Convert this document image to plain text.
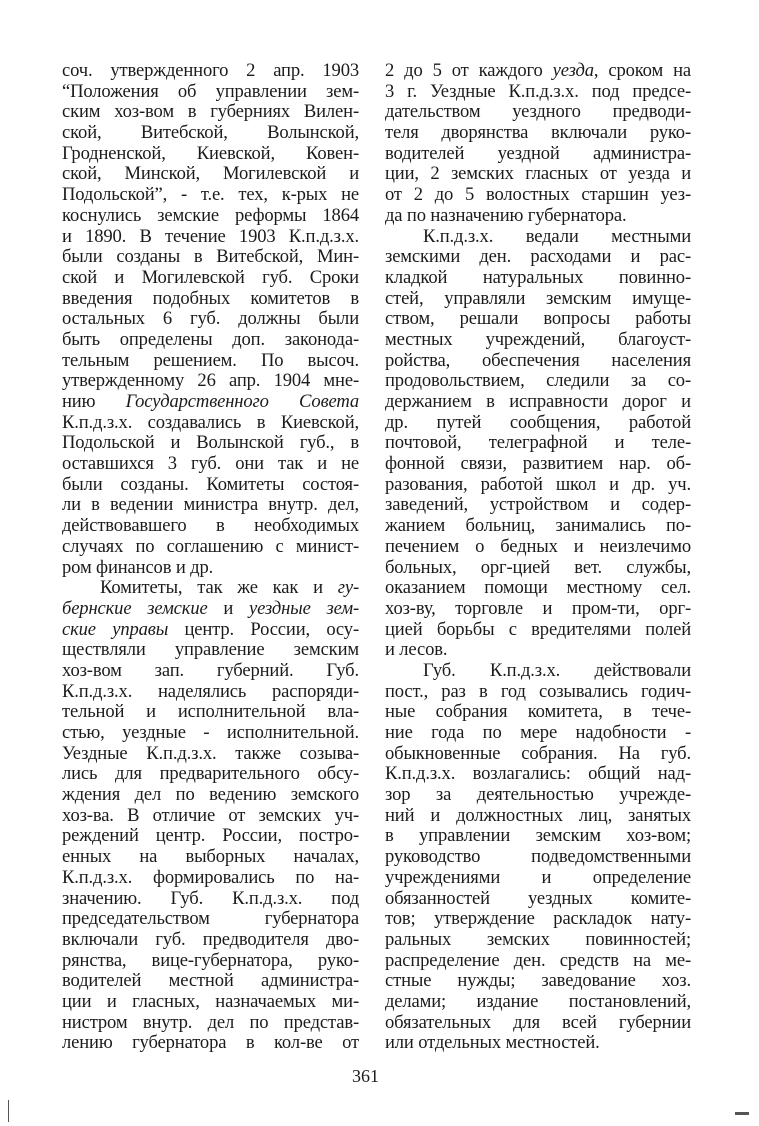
соч. утвержденного 2 апр. 1903
“Положения об управлении зем-
ским хоз-вом в губерниях Вилен-
ской, Витебской, Волынской,
Гродненской, Киевской, Ковен-
ской, Минской, Могилевской и
Подольской”, - т.е. тех, к-рых не
коснулись земские реформы 1864
и 1890. В течение 1903 К.п.д.з.х.
были созданы в Витебской, Мин-
ской и Могилевской губ. Сроки
введения подобных комитетов в
остальных 6 губ. должны были
быть определены доп. законода-
тельным решением. По высоч.
утвержденному 26 апр. 1904 мне-
нию Государственного Совета
К.п.д.з.х. создавались в Киевской,
Подольской и Волынской губ., в
оставшихся 3 губ. они так и не
были созданы. Комитеты состоя-
ли в ведении министра внутр. дел,
действовавшего в необходимых
случаях по соглашению с минист-
ром финансов и др.
Комитеты, так же как и гу-
бернские земские и уездные зем-
ские управы центр. России, осу-
ществляли управление земским
хоз-вом зап. губерний. Губ.
К.п.д.з.х. наделялись распоряди-
тельной и исполнительной вла-
стью, уездные - исполнительной.
Уездные К.п.д.з.х. также созыва-
лись для предварительного обсу-
ждения дел по ведению земского
хоз-ва. В отличие от земских уч-
реждений центр. России, постро-
енных на выборных началах,
К.п.д.з.х. формировались по на-
значению. Губ. К.п.д.з.х. под
председательством губернатора
включали губ. предводителя дво-
рянства, вице-губернатора, руко-
водителей местной администра-
ции и гласных, назначаемых ми-
нистром внутр. дел по представ-
лению губернатора в кол-ве от
2 до 5 от каждого уезда, сроком на
3 г. Уездные К.п.д.з.х. под предсе-
дательством уездного предводи-
теля дворянства включали руко-
водителей уездной администра-
ции, 2 земских гласных от уезда и
от 2 до 5 волостных старшин уез-
да по назначению губернатора.
К.п.д.з.х. ведали местными
земскими ден. расходами и рас-
кладкой натуральных повинно-
стей, управляли земским имуще-
ством, решали вопросы работы
местных учреждений, благоуст-
ройства, обеспечения населения
продовольствием, следили за со-
держанием в исправности дорог и
др. путей сообщения, работой
почтовой, телеграфной и теле-
фонной связи, развитием нар. об-
разования, работой школ и др. уч.
заведений, устройством и содер-
жанием больниц, занимались по-
печением о бедных и неизлечимо
больных, орг-цией вет. службы,
оказанием помощи местному сел.
хоз-ву, торговле и пром-ти, орг-
цией борьбы с вредителями полей
и лесов.
Губ. К.п.д.з.х. действовали
пост., раз в год созывались годич-
ные собрания комитета, в тече-
ние года по мере надобности -
обыкновенные собрания. На губ.
К.п.д.з.х. возлагались: общий над-
зор за деятельностью учрежде-
ний и должностных лиц, занятых
в управлении земским хоз-вом;
руководство подведомственными
учреждениями и определение
обязанностей уездных комите-
тов; утверждение раскладок нату-
ральных земских повинностей;
распределение ден. средств на ме-
стные нужды; заведование хоз.
делами; издание постановлений,
обязательных для всей губернии
или отдельных местностей.
361
